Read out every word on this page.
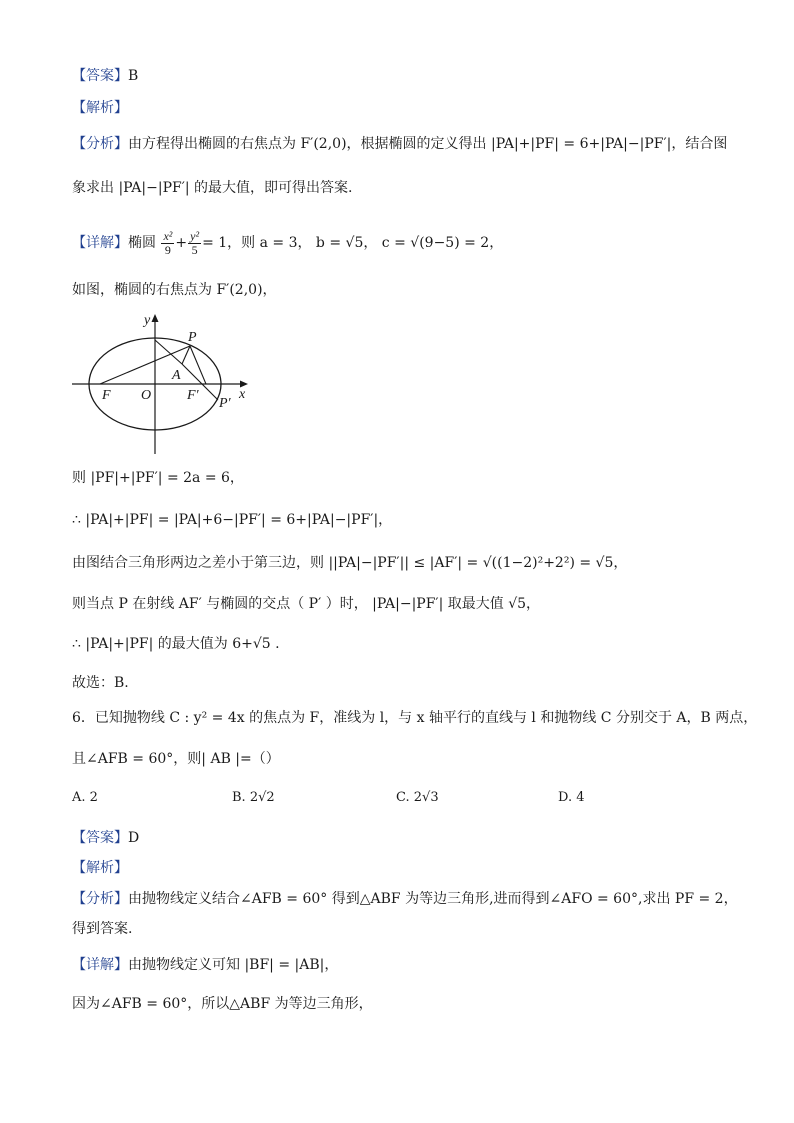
【答案】B
【解析】
【分析】由方程得出椭圆的右焦点为 F′(2,0)，根据椭圆的定义得出 |PA|+|PF| = 6+|PA|−|PF′|，结合图
象求出 |PA|−|PF′| 的最大值，即可得出答案.
【详解】椭圆 $\frac{\text{x²}}{9} + \frac{\text{y²}}{5} = 1$，则 a = 3， b = √5， c = √(9−5) = 2，
如图，椭圆的右焦点为 F′(2,0)，
y
x
P
A
F O	F′
P′
则 |PF|+|PF′| = 2a = 6，
∴ |PA|+|PF| = |PA|+6−|PF′| = 6+|PA|−|PF′|，
由图结合三角形两边之差小于第三边，则 ||PA|−|PF′|| ≤ |AF′| = √((1−2)²+2²) = √5，
则当点 P 在射线 AF′ 与椭圆的交点（ P′ ）时， |PA|−|PF′| 取最大值 √5，
∴ |PA|+|PF| 的最大值为 6+√5 .
故选：B.
6．已知抛物线 C : y² = 4x 的焦点为 F，准线为 l，与 x 轴平行的直线与 l 和抛物线 C 分别交于 A，B 两点，
且∠AFB = 60°，则| AB |=（）
A. 2	B. 2√2	C. 2√3	D. 4
【答案】D
【解析】
【分析】由抛物线定义结合∠AFB = 60° 得到△ABF 为等边三角形,进而得到∠AFO = 60°,求出 PF = 2，
得到答案.
【详解】由抛物线定义可知 |BF| = |AB|，
因为∠AFB = 60°，所以△ABF 为等边三角形，
